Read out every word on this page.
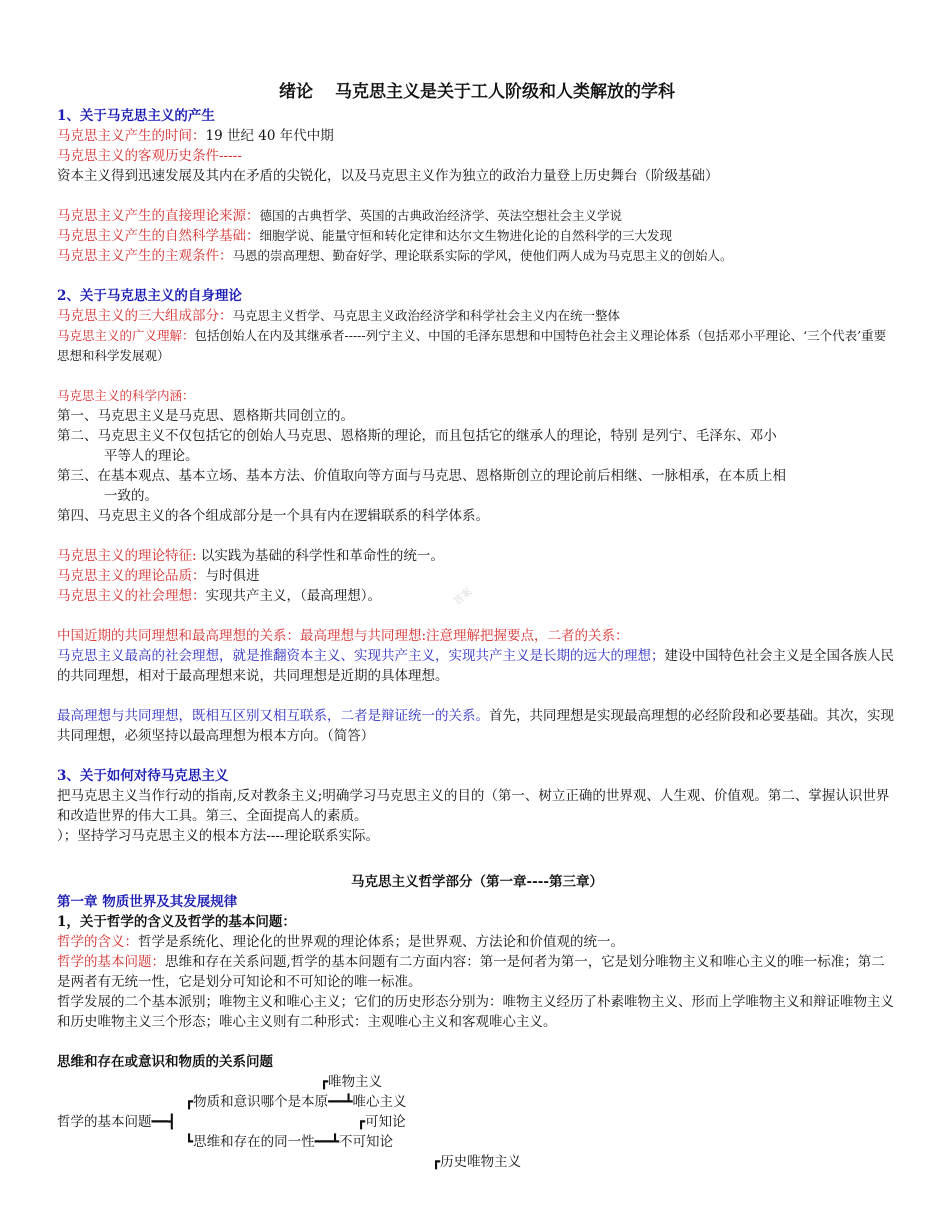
答案
绪论 马克思主义是关于工人阶级和人类解放的学科
1、关于马克思主义的产生
马克思主义产生的时间：19 世纪 40 年代中期
马克思主义的客观历史条件-----资本主义得到迅速发展及其内在矛盾的尖锐化，以及马克思主义作为独立的政治力量登上历史舞台（阶级基础）
马克思主义产生的直接理论来源：德国的古典哲学、英国的古典政治经济学、英法空想社会主义学说
马克思主义产生的自然科学基础：细胞学说、能量守恒和转化定律和达尔文生物进化论的自然科学的三大发现
马克思主义产生的主观条件：马恩的崇高理想、勤奋好学、理论联系实际的学风，使他们两人成为马克思主义的创始人。
2、关于马克思主义的自身理论
马克思主义的三大组成部分：马克思主义哲学、马克思主义政治经济学和科学社会主义内在统一整体
马克思主义的广义理解：包括创始人在内及其继承者-----列宁主义、中国的毛泽东思想和中国特色社会主义理论体系（包括邓小平理论、‘三个代表’重要思想和科学发展观）
马克思主义的科学内涵：
第一、马克思主义是马克思、恩格斯共同创立的。
第二、马克思主义不仅包括它的创始人马克思、恩格斯的理论，而且包括它的继承人的理论，特别 是列宁、毛泽东、邓小
平等人的理论。
第三、在基本观点、基本立场、基本方法、价值取向等方面与马克思、恩格斯创立的理论前后相继、一脉相承，在本质上相
一致的。
第四、马克思主义的各个组成部分是一个具有内在逻辑联系的科学体系。
马克思主义的理论特征: 以实践为基础的科学性和革命性的统一。
马克思主义的理论品质：与时俱进
马克思主义的社会理想：实现共产主义，（最高理想）。
中国近期的共同理想和最高理想的关系：最高理想与共同理想:注意理解把握要点，二者的关系：
马克思主义最高的社会理想，就是推翻资本主义、实现共产主义，实现共产主义是长期的远大的理想；建设中国特色社会主义是全国各族人民的共同理想，相对于最高理想来说，共同理想是近期的具体理想。
最高理想与共同理想，既相互区别又相互联系，二者是辩证统一的关系。首先，共同理想是实现最高理想的必经阶段和必要基础。其次，实现共同理想，必须坚持以最高理想为根本方向。（简答）
3、关于如何对待马克思主义
把马克思主义当作行动的指南,反对教条主义;明确学习马克思主义的目的（第一、树立正确的世界观、人生观、价值观。第二、掌握认识世界和改造世界的伟大工具。第三、全面提高人的素质。
）；坚持学习马克思主义的根本方法----理论联系实际。
马克思主义哲学部分（第一章----第三章）
第一章 物质世界及其发展规律
1，关于哲学的含义及哲学的基本问题：
哲学的含义：哲学是系统化、理论化的世界观的理论体系；是世界观、方法论和价值观的统一。
哲学的基本问题：思维和存在关系问题,哲学的基本问题有二方面内容：第一是何者为第一，它是划分唯物主义和唯心主义的唯一标准；第二是两者有无统一性，它是划分可知论和不可知论的唯一标准。
哲学发展的二个基本派别；唯物主义和唯心主义；它们的历史形态分别为：唯物主义经历了朴素唯物主义、形而上学唯物主义和辩证唯物主义和历史唯物主义三个形态；唯心主义则有二种形式：主观唯心主义和客观唯心主义。
思维和存在或意识和物质的关系问题
┏唯物主义
┏物质和意识哪个是本原━━┻唯心主义
哲学的基本问题━━┫	┏可知论
┗思维和存在的同一性━━┻不可知论
┏历史唯物主义
